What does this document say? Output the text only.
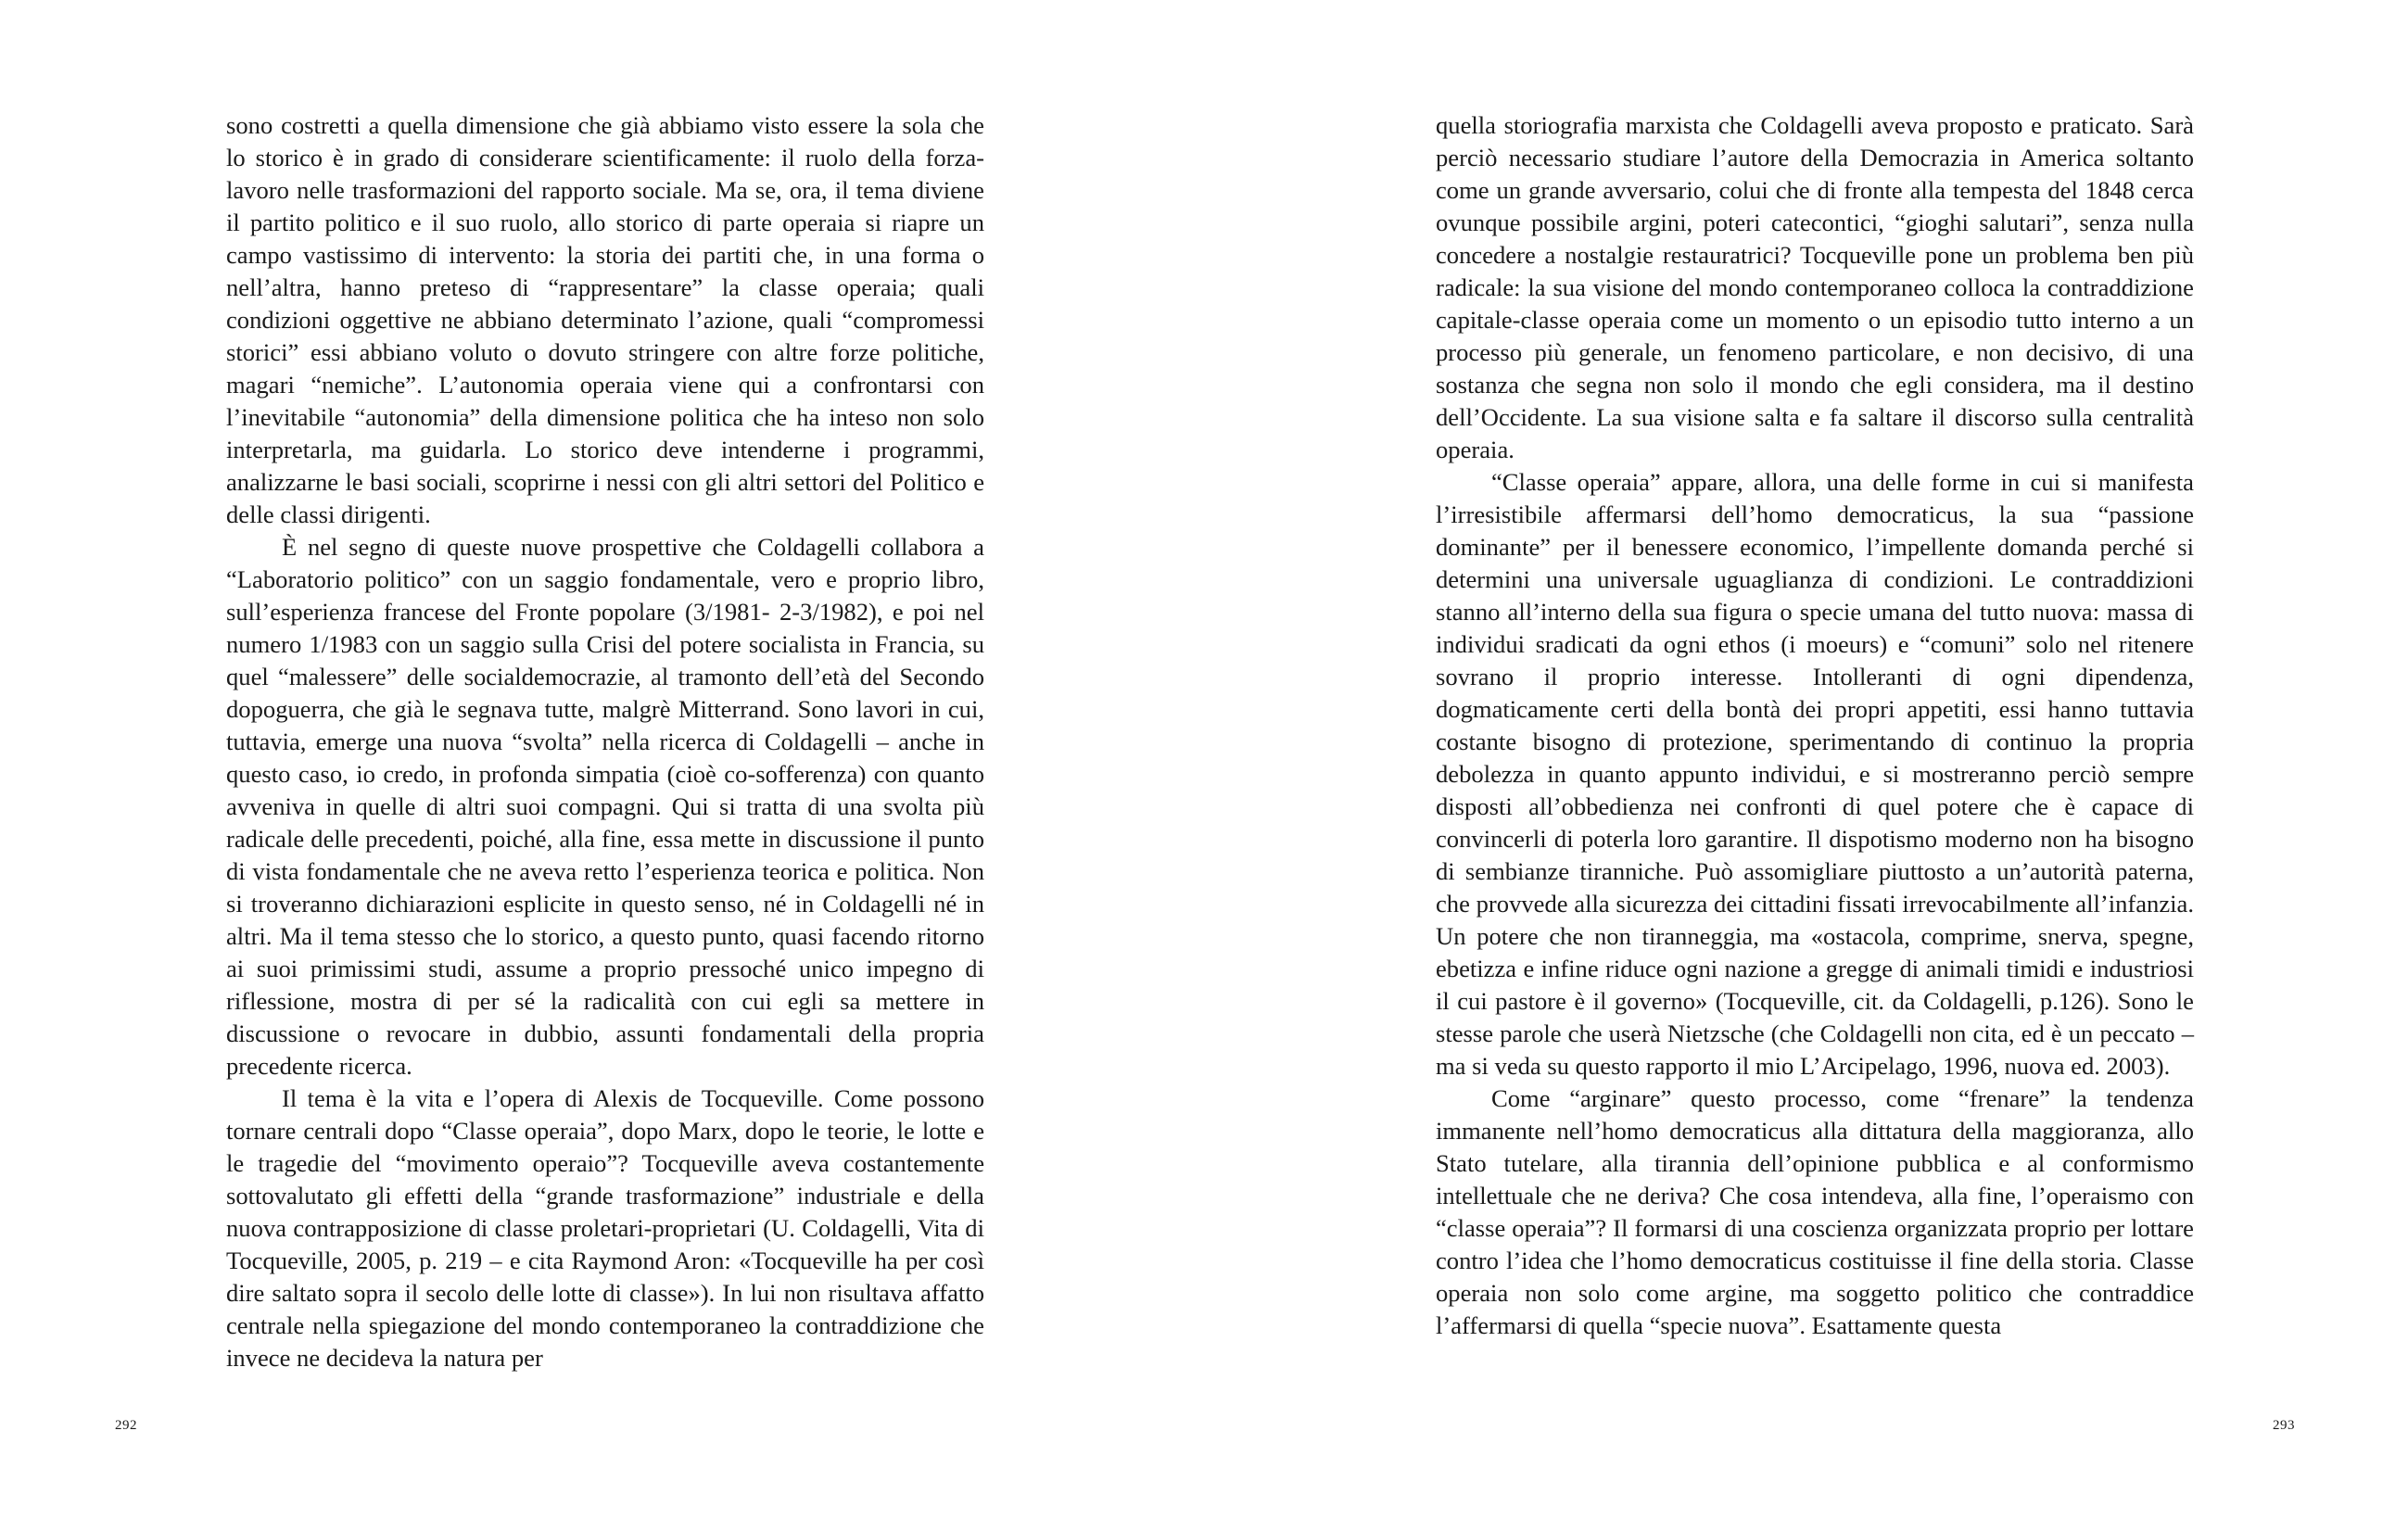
sono costretti a quella dimensione che già abbiamo visto essere la sola che lo storico è in grado di considerare scientificamente: il ruolo della forza-lavoro nelle trasformazioni del rapporto sociale. Ma se, ora, il tema diviene il partito politico e il suo ruolo, allo storico di parte operaia si riapre un campo vastissimo di intervento: la storia dei partiti che, in una forma o nell’altra, hanno preteso di “rappresentare” la classe operaia; quali condizioni oggettive ne abbiano determinato l’azione, quali “compromessi storici” essi abbiano voluto o dovuto stringere con altre forze politiche, magari “nemiche”. L’autonomia operaia viene qui a confrontarsi con l’inevitabile “autonomia” della dimensione politica che ha inteso non solo interpretarla, ma guidarla. Lo storico deve intenderne i programmi, analizzarne le basi sociali, scoprirne i nessi con gli altri settori del Politico e delle classi dirigenti.

È nel segno di queste nuove prospettive che Coldagelli collabora a “Laboratorio politico” con un saggio fondamentale, vero e proprio libro, sull’esperienza francese del Fronte popolare (3/1981- 2-3/1982), e poi nel numero 1/1983 con un saggio sulla Crisi del potere socialista in Francia, su quel “malessere” delle socialdemocrazie, al tramonto dell’età del Secondo dopoguerra, che già le segnava tutte, malgrè Mitterrand. Sono lavori in cui, tuttavia, emerge una nuova “svolta” nella ricerca di Coldagelli – anche in questo caso, io credo, in profonda simpatia (cioè co-sofferenza) con quanto avveniva in quelle di altri suoi compagni. Qui si tratta di una svolta più radicale delle precedenti, poiché, alla fine, essa mette in discussione il punto di vista fondamentale che ne aveva retto l’esperienza teorica e politica. Non si troveranno dichiarazioni esplicite in questo senso, né in Coldagelli né in altri. Ma il tema stesso che lo storico, a questo punto, quasi facendo ritorno ai suoi primissimi studi, assume a proprio pressoché unico impegno di riflessione, mostra di per sé la radicalità con cui egli sa mettere in discussione o revocare in dubbio, assunti fondamentali della propria precedente ricerca.

Il tema è la vita e l’opera di Alexis de Tocqueville. Come possono tornare centrali dopo “Classe operaia”, dopo Marx, dopo le teorie, le lotte e le tragedie del “movimento operaio”? Tocqueville aveva costantemente sottovalutato gli effetti della “grande trasformazione” industriale e della nuova contrapposizione di classe proletari-proprietari (U. Coldagelli, Vita di Tocqueville, 2005, p. 219 – e cita Raymond Aron: «Tocqueville ha per così dire saltato sopra il secolo delle lotte di classe»). In lui non risultava affatto centrale nella spiegazione del mondo contemporaneo la contraddizione che invece ne decideva la natura per

292

quella storiografia marxista che Coldagelli aveva proposto e praticato. Sarà perciò necessario studiare l’autore della Democrazia in America soltanto come un grande avversario, colui che di fronte alla tempesta del 1848 cerca ovunque possibile argini, poteri catecontici, “gioghi salutari”, senza nulla concedere a nostalgie restauratrici? Tocqueville pone un problema ben più radicale: la sua visione del mondo contemporaneo colloca la contraddizione capitale-classe operaia come un momento o un episodio tutto interno a un processo più generale, un fenomeno particolare, e non decisivo, di una sostanza che segna non solo il mondo che egli considera, ma il destino dell’Occidente. La sua visione salta e fa saltare il discorso sulla centralità operaia.

“Classe operaia” appare, allora, una delle forme in cui si manifesta l’irresistibile affermarsi dell’homo democraticus, la sua “passione dominante” per il benessere economico, l’impellente domanda perché si determini una universale uguaglianza di condizioni. Le contraddizioni stanno all’interno della sua figura o specie umana del tutto nuova: massa di individui sradicati da ogni ethos (i moeurs) e “comuni” solo nel ritenere sovrano il proprio interesse. Intolleranti di ogni dipendenza, dogmaticamente certi della bontà dei propri appetiti, essi hanno tuttavia costante bisogno di protezione, sperimentando di continuo la propria debolezza in quanto appunto individui, e si mostreranno perciò sempre disposti all’obbedienza nei confronti di quel potere che è capace di convincerli di poterla loro garantire. Il dispotismo moderno non ha bisogno di sembianze tiranniche. Può assomigliare piuttosto a un’autorità paterna, che provvede alla sicurezza dei cittadini fissati irrevocabilmente all’infanzia. Un potere che non tiranneggia, ma «ostacola, comprime, snerva, spegne, ebetizza e infine riduce ogni nazione a gregge di animali timidi e industriosi il cui pastore è il governo» (Tocqueville, cit. da Coldagelli, p.126). Sono le stesse parole che userà Nietzsche (che Coldagelli non cita, ed è un peccato – ma si veda su questo rapporto il mio L’Arcipelago, 1996, nuova ed. 2003).

Come “arginare” questo processo, come “frenare” la tendenza immanente nell’homo democraticus alla dittatura della maggioranza, allo Stato tutelare, alla tirannia dell’opinione pubblica e al conformismo intellettuale che ne deriva? Che cosa intendeva, alla fine, l’operaismo con “classe operaia”? Il formarsi di una coscienza organizzata proprio per lottare contro l’idea che l’homo democraticus costituisse il fine della storia. Classe operaia non solo come argine, ma soggetto politico che contraddice l’affermarsi di quella “specie nuova”. Esattamente questa

293
